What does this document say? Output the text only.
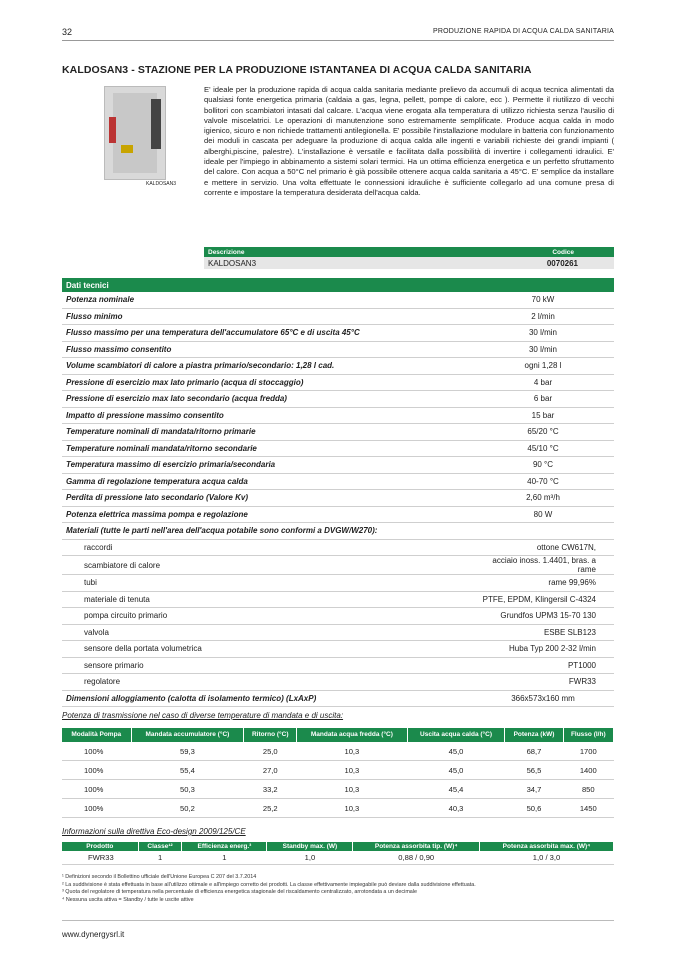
32	PRODUZIONE RAPIDA DI ACQUA CALDA SANITARIA
KALDOSAN3 - STAZIONE PER LA PRODUZIONE ISTANTANEA DI ACQUA CALDA SANITARIA
KALDOSAN3
E' ideale per la produzione rapida di acqua calda sanitaria mediante prelievo da accumuli di acqua tecnica alimentati da qualsiasi fonte energetica primaria (caldaia a gas, legna, pellett, pompe di calore, ecc ). Permette il riutilizzo di vecchi bollitori con scambiatori intasati dal calcare. L'acqua viene erogata alla temperatura di utilizzo richiesta senza l'ausilio di valvole miscelatrici. Le operazioni di manutenzione sono estremamente semplificate. Produce acqua calda in modo igienico, sicuro e non richiede trattamenti antilegionella. E' possibile l'installazione modulare in batteria con funzionamento dei moduli in cascata per adeguare la produzione di acqua calda alle ingenti e variabili richieste dei grandi impianti ( alberghi,piscine, palestre). L'installazione è versatile e facilitata dalla possibilità di invertire i collegamenti idraulici. E' ideale per l'impiego in abbinamento a sistemi solari termici. Ha un ottima efficienza energetica e un perfetto sfruttamento del calore. Con acqua a 50°C nel primario è già possibile ottenere acqua calda sanitaria a 45°C. E' semplice da installare e mettere in servizio. Una volta effettuate le connessioni idrauliche è sufficiente collegarlo ad una comune presa di corrente e impostare la temperatura desiderata dell'acqua calda.
Descrizione	Codice
KALDOSAN3	0070261
Dati tecnici	
Potenza nominale	70 kW
Flusso minimo	2 l/min
Flusso massimo per una temperatura dell'accumulatore 65°C e di uscita 45°C	30 l/min
Flusso massimo consentito	30 l/min
Volume scambiatori di calore a piastra primario/secondario: 1,28 l cad.	ogni 1,28 l
Pressione di esercizio max lato primario (acqua di stoccaggio)	4 bar
Pressione di esercizio max lato secondario (acqua fredda)	6 bar
Impatto di pressione massimo consentito	15 bar
Temperature nominali di mandata/ritorno primarie	65/20 °C
Temperature nominali mandata/ritorno secondarie	45/10 °C
Temperatura massimo di esercizio primaria/secondaria	90 °C
Gamma di regolazione temperatura acqua calda	40-70 °C
Perdita di pressione lato secondario (Valore Kv)	2,60 m³/h
Potenza elettrica massima pompa e regolazione	80 W
Materiali (tutte le parti nell'area dell'acqua potabile sono conformi a DVGW/W270):	
raccordi	ottone CW617N,
scambiatore di calore	acciaio inoss. 1.4401, bras. a rame
tubi	rame 99,96%
materiale di tenuta	PTFE, EPDM, Klingersil C-4324
pompa circuito primario	Grundfos UPM3 15-70 130
valvola	ESBE SLB123
sensore della portata volumetrica	Huba Typ 200 2-32 l/min
sensore primario	PT1000
regolatore	FWR33
Dimensioni alloggiamento (calotta di isolamento termico) (LxAxP)	366x573x160 mm
Potenza di trasmissione nel caso di diverse temperature di mandata e di uscita:
Modalità Pompa	Mandata accumulatore (°C)	Ritorno (°C)	Mandata acqua fredda (°C)	Uscita acqua calda (°C)	Potenza (kW)	Flusso (l/h)
100%	59,3	25,0	10,3	45,0	68,7	1700
100%	55,4	27,0	10,3	45,0	56,5	1400
100%	50,3	33,2	10,3	45,4	34,7	850
100%	50,2	25,2	10,3	40,3	50,6	1450
Informazioni sulla direttiva Eco-design 2009/125/CE
Prodotto	Classe¹²	Efficienza energ.³	Standby max. (W)	Potenza assorbita tip. (W)⁴	Potenza assorbita max. (W)⁴
FWR33	1	1	1,0	0,88 / 0,90	1,0 / 3,0
¹ Definizioni secondo il Bollettino ufficiale dell'Unione Europea C 207 del 3.7.2014
² La suddivisione è stata effettuata in base all'utilizzo ottimale e all'impiego corretto dei prodotti. La classe effettivamente impiegabile può deviare dalla suddivisione effettuata.
³ Quota del regolatore di temperatura nella percentuale di efficienza energetica stagionale del riscaldamento centralizzato, arrotondata a un decimale
⁴ Nessuna uscita attiva = Standby / tutte le uscite attive
www.dynergysrl.it
